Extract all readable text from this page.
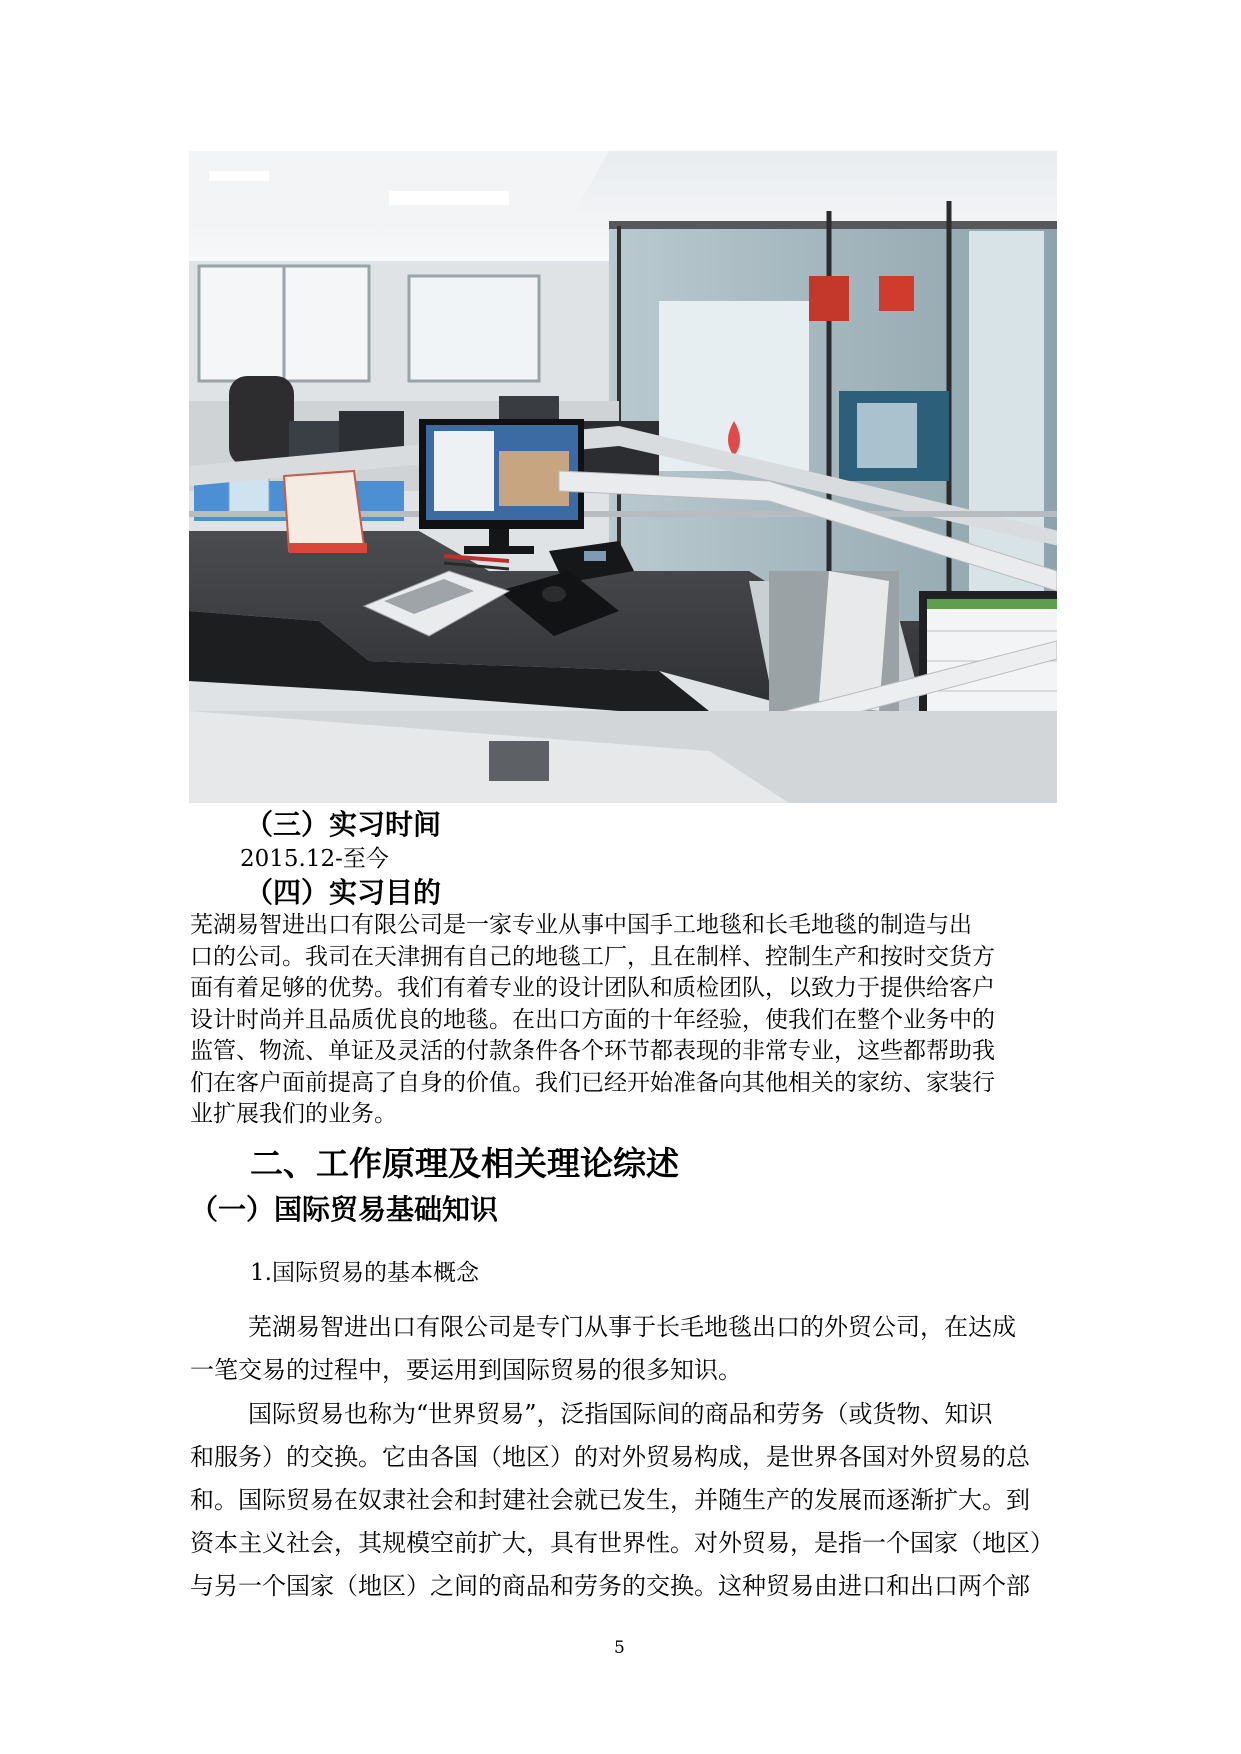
（三）实习时间
2015.12-至今
（四）实习目的
芜湖易智进出口有限公司是一家专业从事中国手工地毯和长毛地毯的制造与出
口的公司。我司在天津拥有自己的地毯工厂，且在制样、控制生产和按时交货方
面有着足够的优势。我们有着专业的设计团队和质检团队，以致力于提供给客户
设计时尚并且品质优良的地毯。在出口方面的十年经验，使我们在整个业务中的
监管、物流、单证及灵活的付款条件各个环节都表现的非常专业，这些都帮助我
们在客户面前提高了自身的价值。我们已经开始准备向其他相关的家纺、家装行
业扩展我们的业务。
二、工作原理及相关理论综述
（一）国际贸易基础知识
1.国际贸易的基本概念
芜湖易智进出口有限公司是专门从事于长毛地毯出口的外贸公司，在达成
一笔交易的过程中，要运用到国际贸易的很多知识。
国际贸易也称为“世界贸易”，泛指国际间的商品和劳务（或货物、知识
和服务）的交换。它由各国（地区）的对外贸易构成，是世界各国对外贸易的总
和。国际贸易在奴隶社会和封建社会就已发生，并随生产的发展而逐渐扩大。到
资本主义社会，其规模空前扩大，具有世界性。对外贸易，是指一个国家（地区）
与另一个国家（地区）之间的商品和劳务的交换。这种贸易由进口和出口两个部
5
